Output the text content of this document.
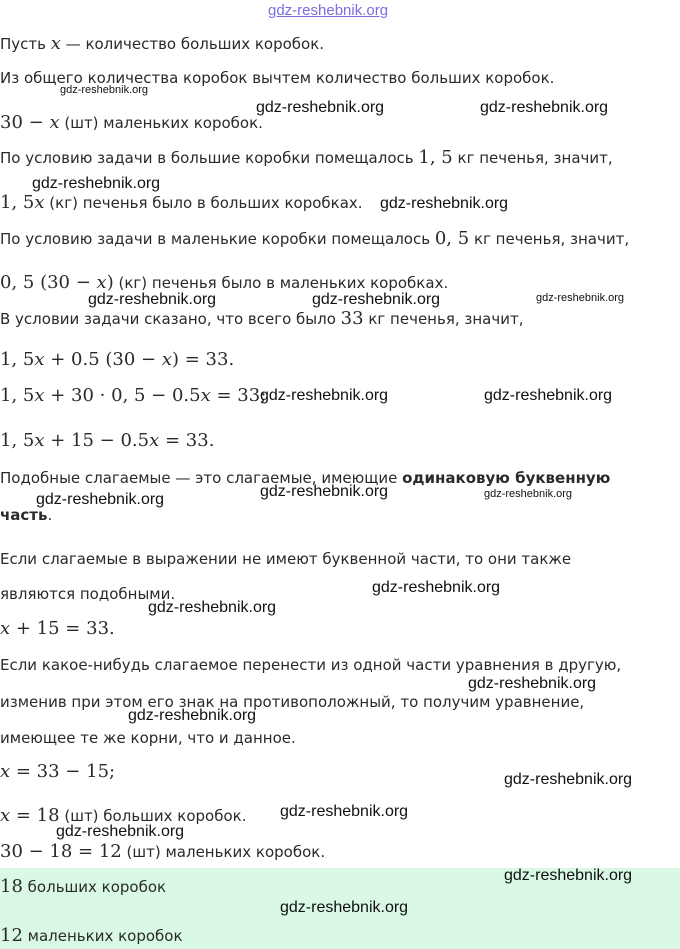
gdz-reshebnik.org
Пусть x — количество больших коробок.
Из общего количества коробок вычтем количество больших коробок.
gdz-reshebnik.org
30 − x (шт) маленьких коробок.
gdz-reshebnik.org	gdz-reshebnik.org
По условию задачи в большие коробки помещалось 1, 5 кг печенья, значит,
gdz-reshebnik.org
1, 5x (кг) печенья было в больших коробках. gdz-reshebnik.org
По условию задачи в маленькие коробки помещалось 0, 5 кг печенья, значит,
0, 5 (30 − x) (кг) печенья было в маленьких коробках.
gdz-reshebnik.org	gdz-reshebnik.org	gdz-reshebnik.org
В условии задачи сказано, что всего было 33 кг печенья, значит,
1, 5x + 0.5 (30 − x) = 33.
1, 5x + 30 · 0, 5 − 0.5x = 33;
gdz-reshebnik.org	gdz-reshebnik.org
1, 5x + 15 − 0.5x = 33.
Подобные слагаемые — это слагаемые, имеющие одинаковую буквенную
gdz-reshebnik.org	gdz-reshebnik.org
gdz-reshebnik.org
часть.
Если слагаемые в выражении не имеют буквенной части, то они также
являются подобными.	gdz-reshebnik.org
gdz-reshebnik.org
x + 15 = 33.
Если какое-нибудь слагаемое перенести из одной части уравнения в другую,
gdz-reshebnik.org
изменив при этом его знак на противоположный, то получим уравнение,
gdz-reshebnik.org
имеющее те же корни, что и данное.
x = 33 − 15;	gdz-reshebnik.org
x = 18 (шт) больших коробок. gdz-reshebnik.org
gdz-reshebnik.org
30 − 18 = 12 (шт) маленьких коробок.
18 больших коробок
gdz-reshebnik.org
gdz-reshebnik.org
12 маленьких коробок
